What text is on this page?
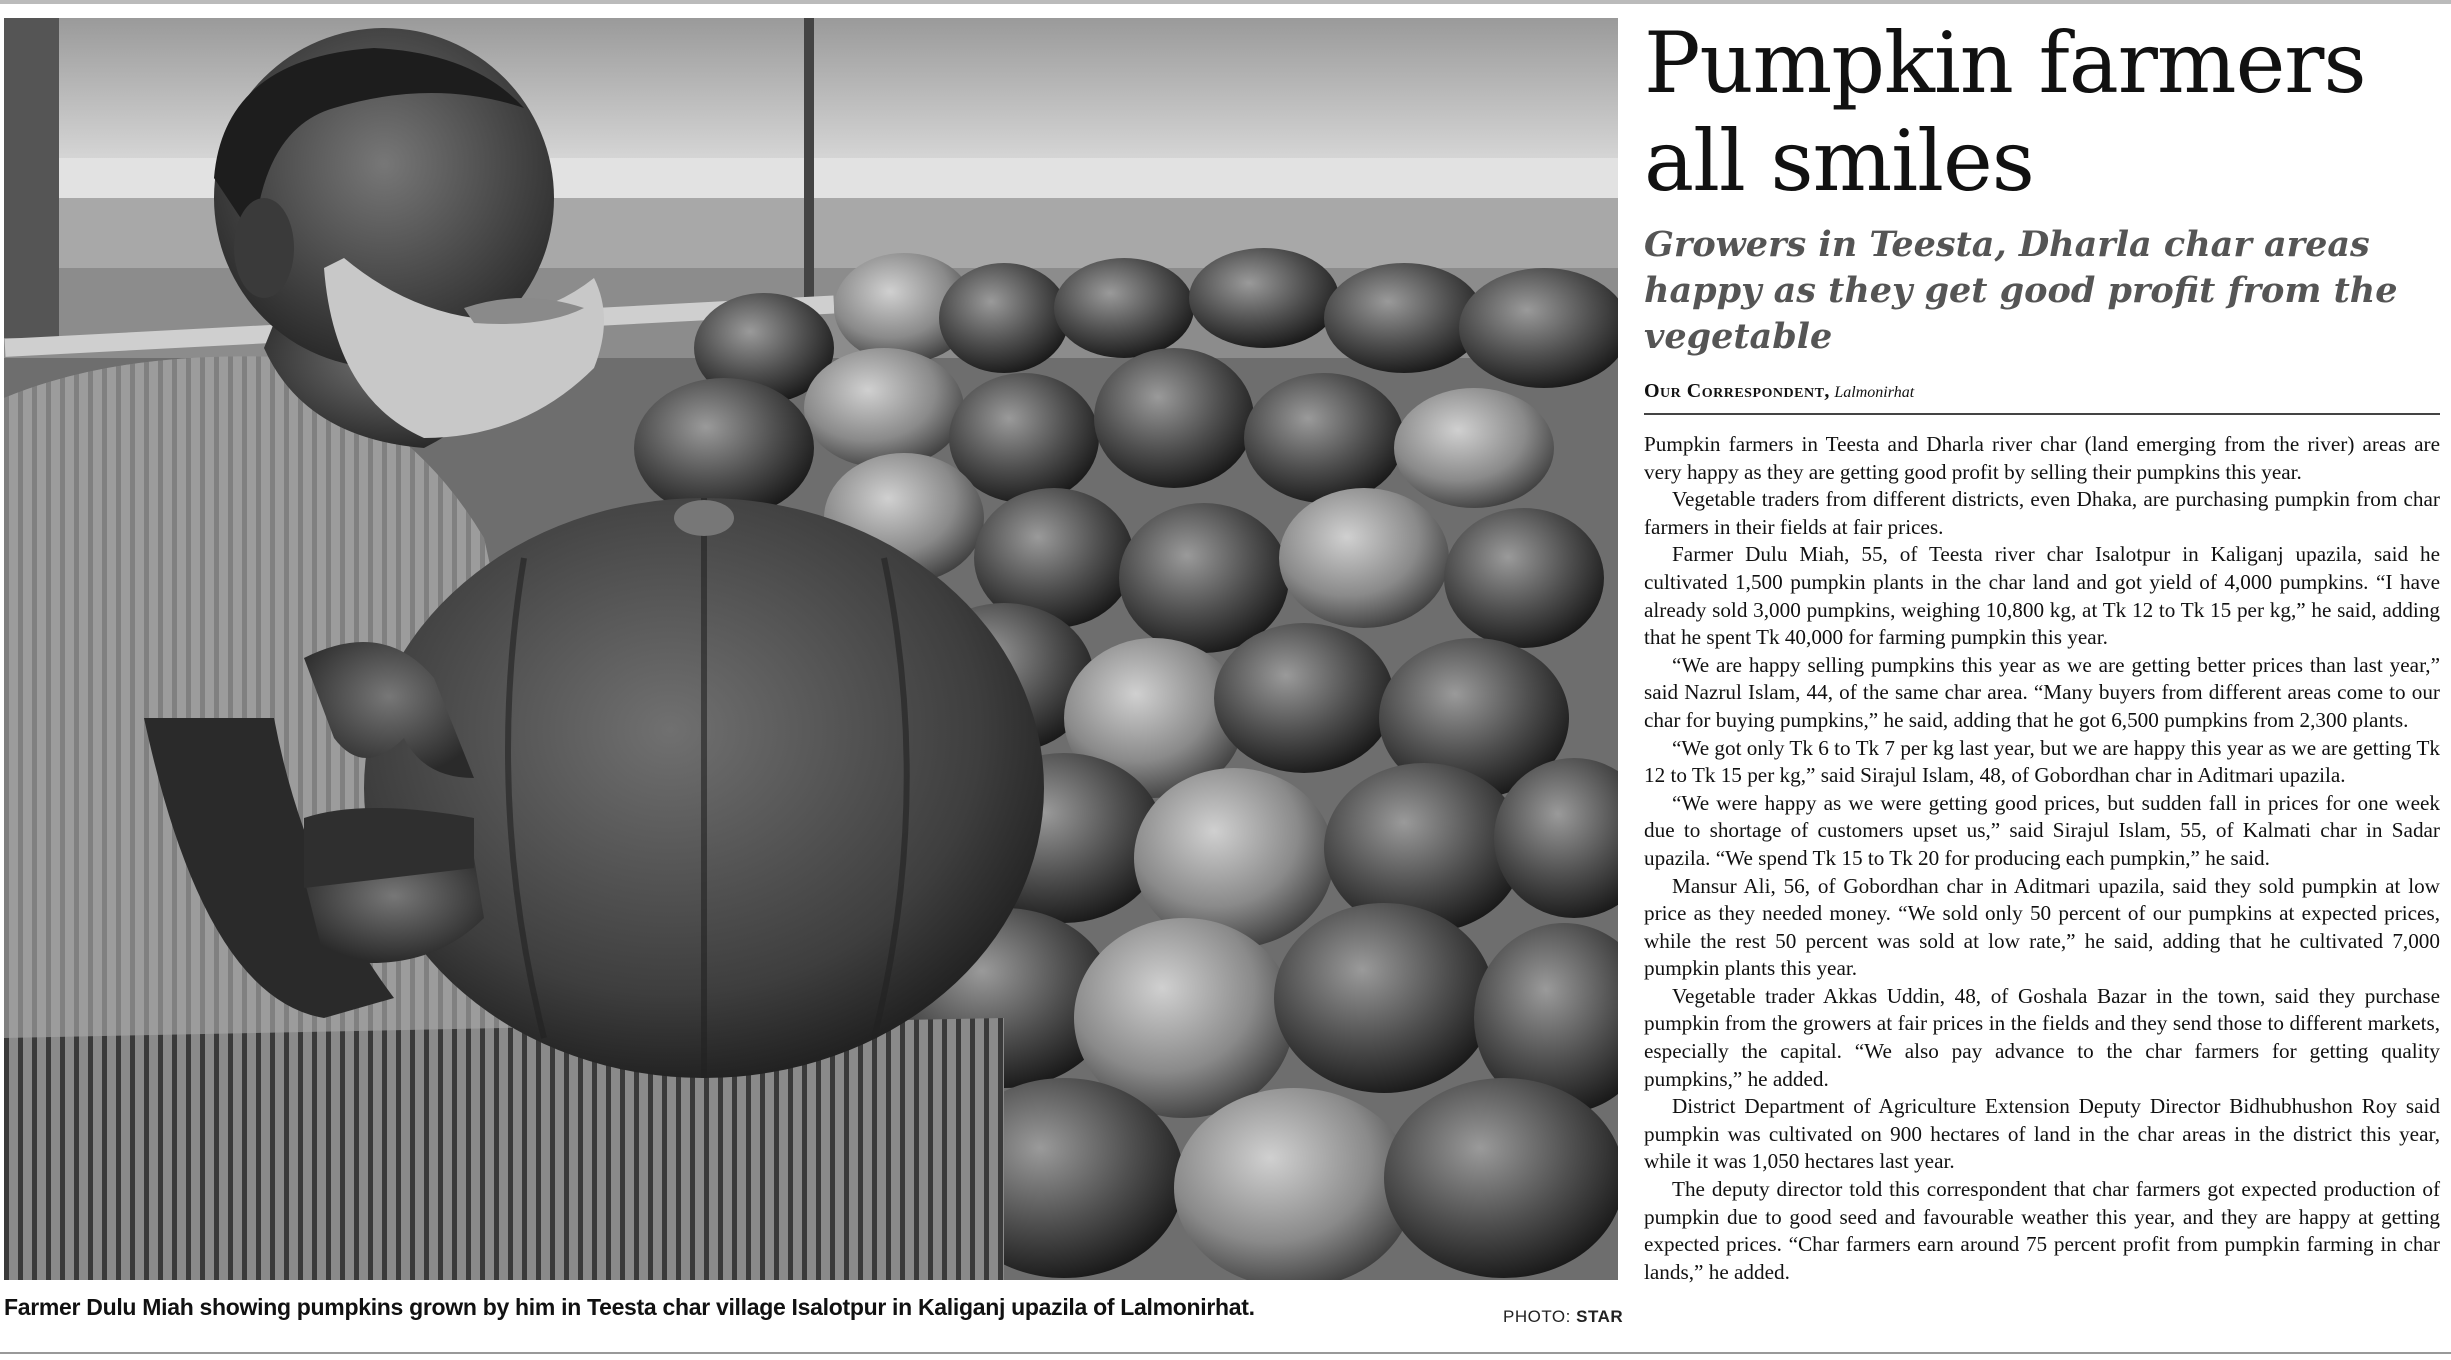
Farmer Dulu Miah showing pumpkins grown by him in Teesta char village Isalotpur in Kaliganj upazila of Lalmonirhat.	PHOTO: STAR
Pumpkin farmers
all smiles
Growers in Teesta, Dharla char areas happy as they get good profit from the vegetable
Our Correspondent, Lalmonirhat

Pumpkin farmers in Teesta and Dharla river char (land emerging from the river) areas are very happy as they are getting good profit by selling their pumpkins this year.

Vegetable traders from different districts, even Dhaka, are purchasing pumpkin from char farmers in their fields at fair prices.

Farmer Dulu Miah, 55, of Teesta river char Isalotpur in Kaliganj upazila, said he cultivated 1,500 pumpkin plants in the char land and got yield of 4,000 pumpkins. “I have already sold 3,000 pumpkins, weighing 10,800 kg, at Tk 12 to Tk 15 per kg,” he said, adding that he spent Tk 40,000 for farming pumpkin this year.

“We are happy selling pumpkins this year as we are getting better prices than last year,” said Nazrul Islam, 44, of the same char area. “Many buyers from different areas come to our char for buying pumpkins,” he said, adding that he got 6,500 pumpkins from 2,300 plants.

“We got only Tk 6 to Tk 7 per kg last year, but we are happy this year as we are getting Tk 12 to Tk 15 per kg,” said Sirajul Islam, 48, of Gobordhan char in Aditmari upazila.

“We were happy as we were getting good prices, but sudden fall in prices for one week due to shortage of customers upset us,” said Sirajul Islam, 55, of Kalmati char in Sadar upazila. “We spend Tk 15 to Tk 20 for producing each pumpkin,” he said.

Mansur Ali, 56, of Gobordhan char in Aditmari upazila, said they sold pumpkin at low price as they needed money. “We sold only 50 percent of our pumpkins at expected prices, while the rest 50 percent was sold at low rate,” he said, adding that he cultivated 7,000 pumpkin plants this year.

Vegetable trader Akkas Uddin, 48, of Goshala Bazar in the town, said they purchase pumpkin from the growers at fair prices in the fields and they send those to different markets, especially the capital. “We also pay advance to the char farmers for getting quality pumpkins,” he added.

District Department of Agriculture Extension Deputy Director Bidhubhushon Roy said pumpkin was cultivated on 900 hectares of land in the char areas in the district this year, while it was 1,050 hectares last year.

The deputy director told this correspondent that char farmers got expected production of pumpkin due to good seed and favourable weather this year, and they are happy at getting expected prices. “Char farmers earn around 75 percent profit from pumpkin farming in char lands,” he added.
